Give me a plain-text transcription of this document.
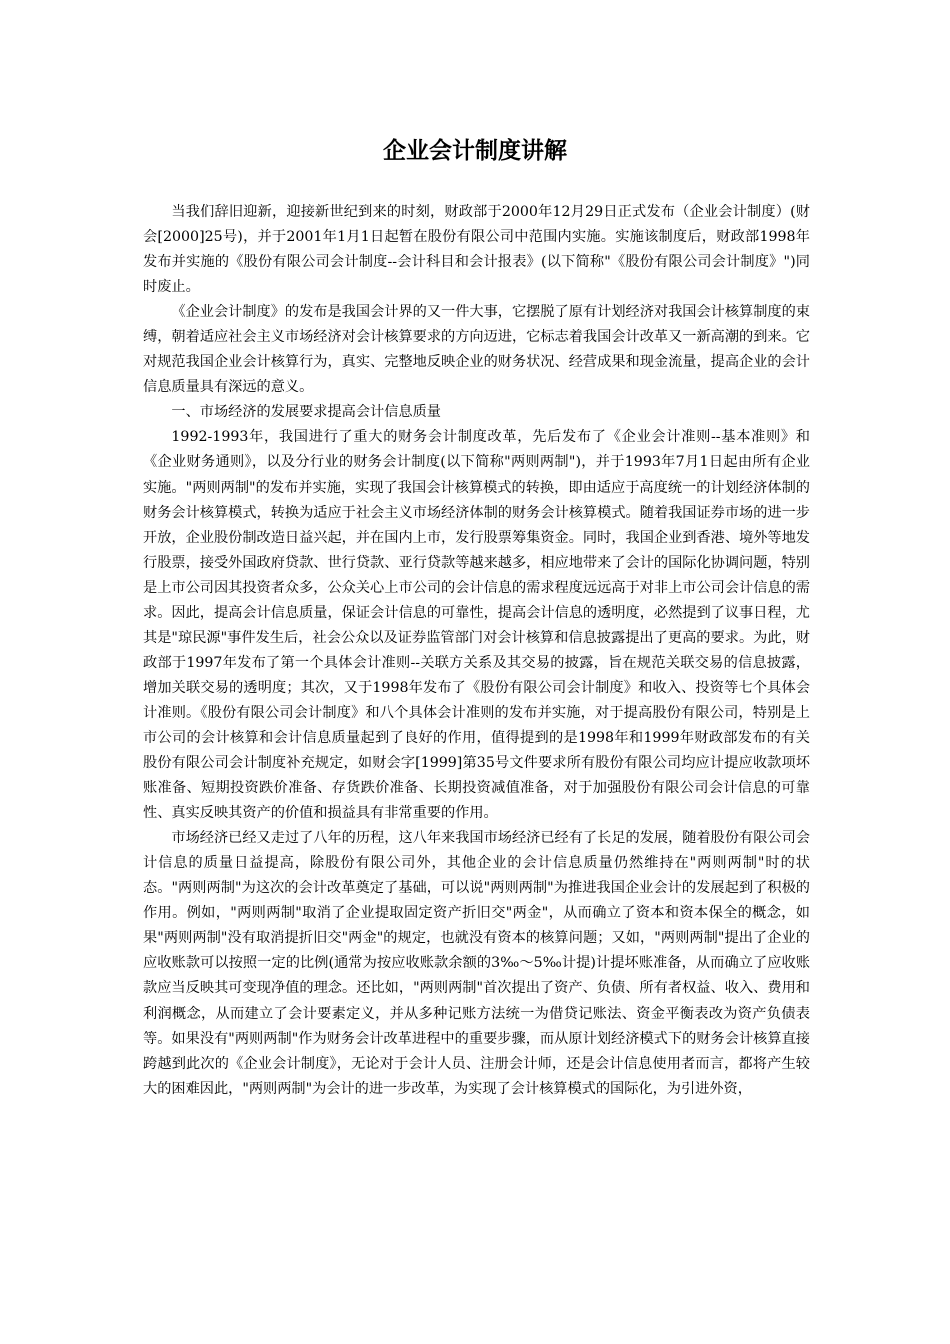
企业会计制度讲解

当我们辞旧迎新，迎接新世纪到来的时刻，财政部于2000年12月29日正式发布（企业会计制度）(财会[2000]25号)，并于2001年1月1日起暂在股份有限公司中范围内实施。实施该制度后，财政部1998年发布并实施的《股份有限公司会计制度--会计科目和会计报表》(以下简称"《股份有限公司会计制度》")同时废止。

《企业会计制度》的发布是我国会计界的又一件大事，它摆脱了原有计划经济对我国会计核算制度的束缚，朝着适应社会主义市场经济对会计核算要求的方向迈进，它标志着我国会计改革又一新高潮的到来。它对规范我国企业会计核算行为，真实、完整地反映企业的财务状况、经营成果和现金流量，提高企业的会计信息质量具有深远的意义。

一、市场经济的发展要求提高会计信息质量

1992-1993年，我国进行了重大的财务会计制度改革，先后发布了《企业会计准则--基本准则》和《企业财务通则》，以及分行业的财务会计制度(以下简称"两则两制")，并于1993年7月1日起由所有企业实施。"两则两制"的发布并实施，实现了我国会计核算模式的转换，即由适应于高度统一的计划经济体制的财务会计核算模式，转换为适应于社会主义市场经济体制的财务会计核算模式。随着我国证券市场的进一步开放，企业股份制改造日益兴起，并在国内上市，发行股票筹集资金。同时，我国企业到香港、境外等地发行股票，接受外国政府贷款、世行贷款、亚行贷款等越来越多，相应地带来了会计的国际化协调问题，特别是上市公司因其投资者众多，公众关心上市公司的会计信息的需求程度远远高于对非上市公司会计信息的需求。因此，提高会计信息质量，保证会计信息的可靠性，提高会计信息的透明度，必然提到了议事日程，尤其是"琼民源"事件发生后，社会公众以及证券监管部门对会计核算和信息披露提出了更高的要求。为此，财政部于1997年发布了第一个具体会计准则--关联方关系及其交易的披露，旨在规范关联交易的信息披露，增加关联交易的透明度；其次，又于1998年发布了《股份有限公司会计制度》和收入、投资等七个具体会计准则。《股份有限公司会计制度》和八个具体会计准则的发布并实施，对于提高股份有限公司，特别是上市公司的会计核算和会计信息质量起到了良好的作用，值得提到的是1998年和1999年财政部发布的有关股份有限公司会计制度补充规定，如财会字[1999]第35号文件要求所有股份有限公司均应计提应收款项坏账准备、短期投资跌价准备、存货跌价准备、长期投资减值准备，对于加强股份有限公司会计信息的可靠性、真实反映其资产的价值和损益具有非常重要的作用。

市场经济已经又走过了八年的历程，这八年来我国市场经济已经有了长足的发展，随着股份有限公司会计信息的质量日益提高，除股份有限公司外，其他企业的会计信息质量仍然维持在"两则两制"时的状态。"两则两制"为这次的会计改革奠定了基础，可以说"两则两制"为推进我国企业会计的发展起到了积极的作用。例如，"两则两制"取消了企业提取固定资产折旧交"两金"，从而确立了资本和资本保全的概念，如果"两则两制"没有取消提折旧交"两金"的规定，也就没有资本的核算问题；又如，"两则两制"提出了企业的应收账款可以按照一定的比例(通常为按应收账款余额的3‰～5‰计提)计提坏账准备，从而确立了应收账款应当反映其可变现净值的理念。还比如，"两则两制"首次提出了资产、负债、所有者权益、收入、费用和利润概念，从而建立了会计要素定义，并从多种记账方法统一为借贷记账法、资金平衡表改为资产负债表等。如果没有"两则两制"作为财务会计改革进程中的重要步骤，而从原计划经济模式下的财务会计核算直接跨越到此次的《企业会计制度》，无论对于会计人员、注册会计师，还是会计信息使用者而言，都将产生较大的困难因此，"两则两制"为会计的进一步改革，为实现了会计核算模式的国际化，为引进外资，
